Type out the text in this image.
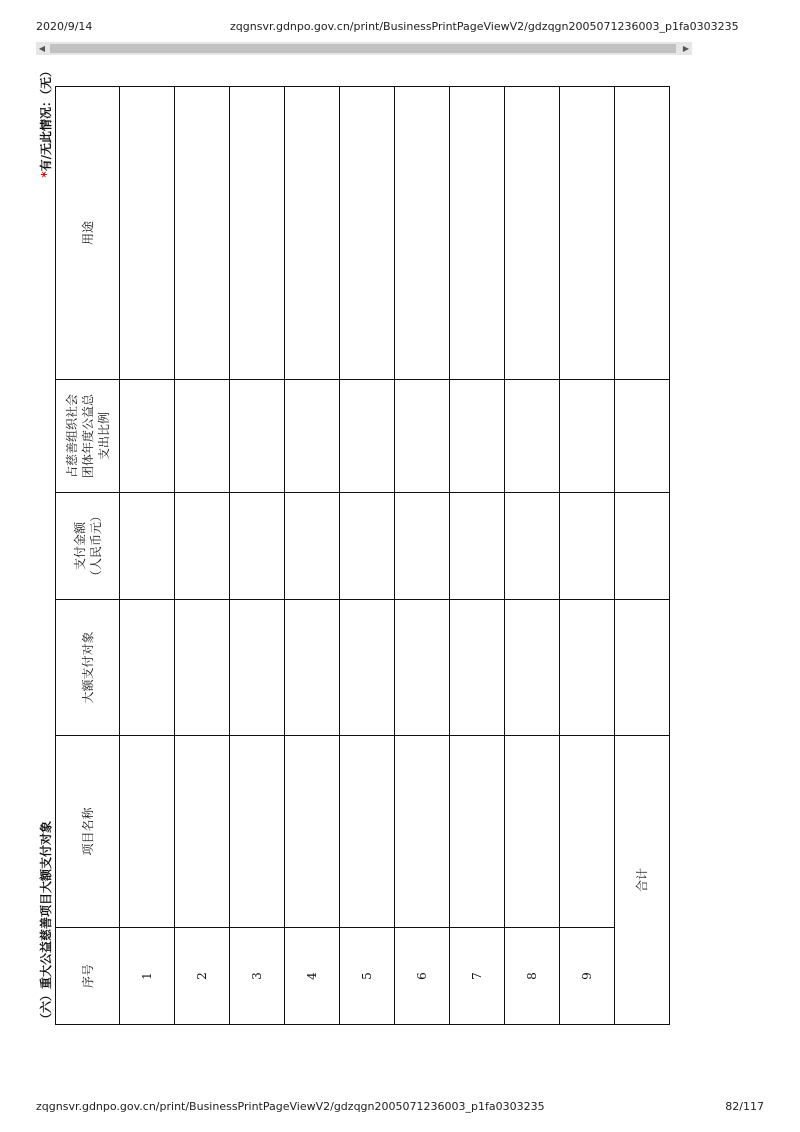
2020/9/14	zqgnsvr.gdnpo.gov.cn/print/BusinessPrintPageViewV2/gdzqgn2005071236003_p1fa0303235
◀	▶
（六）重大公益慈善项目大额支付对象
*有/无此情况：（无）
序号	项目名称	大额支付对象	支付金额 （人民币元）	占慈善组织社会 团体年度公益总 支出比例	用途
1					
2					
3					
4					
5					
6					
7					
8					
9					
合计					
zqgnsvr.gdnpo.gov.cn/print/BusinessPrintPageViewV2/gdzqgn2005071236003_p1fa0303235	82/117
